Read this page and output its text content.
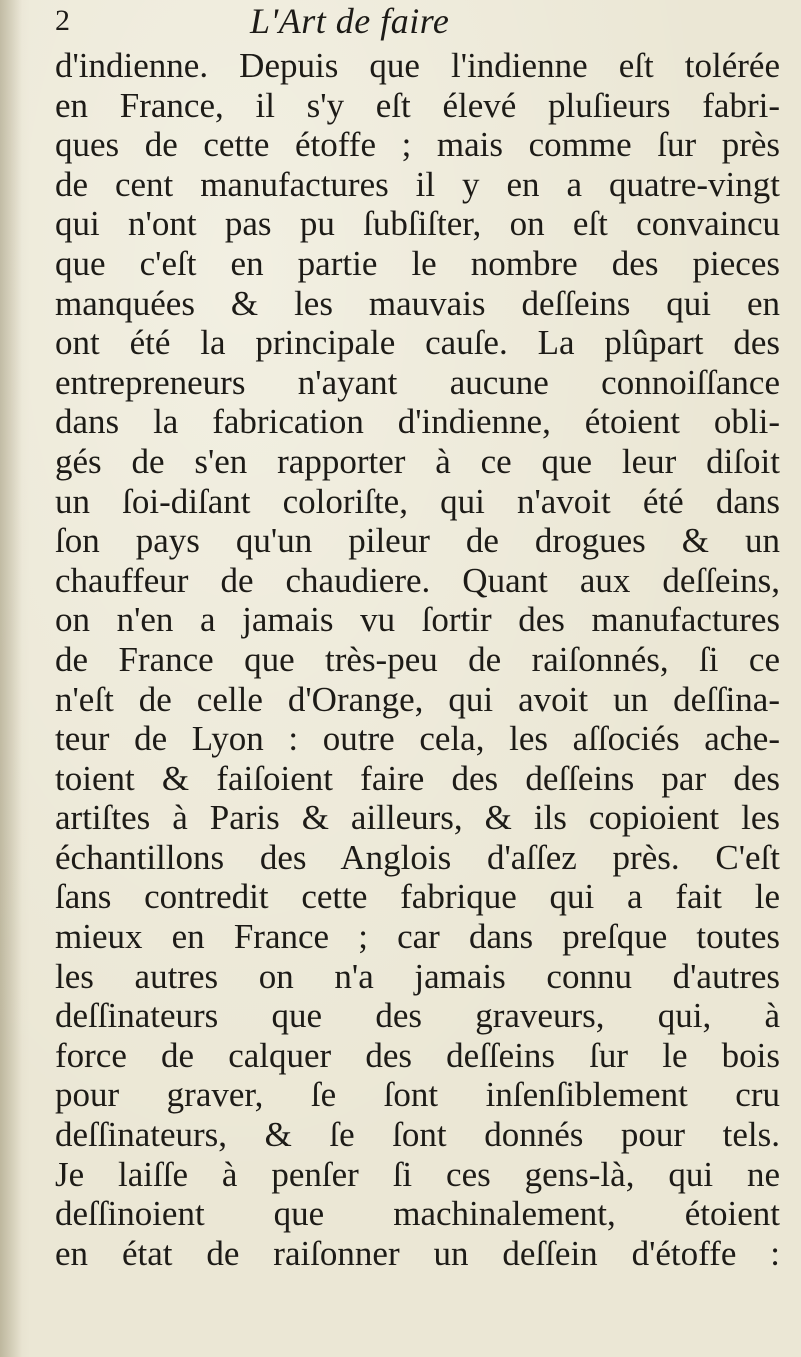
2	L'Art de faire
d'indienne. Depuis que l'indienne eſt tolérée
en France, il s'y eſt élevé pluſieurs fabri-
ques de cette étoffe ; mais comme ſur près
de cent manufactures il y en a quatre-vingt
qui n'ont pas pu ſubſiſter, on eſt convaincu
que c'eſt en partie le nombre des pieces
manquées & les mauvais deſſeins qui en
ont été la principale cauſe. La plûpart des
entrepreneurs n'ayant aucune connoiſſance
dans la fabrication d'indienne, étoient obli-
gés de s'en rapporter à ce que leur diſoit
un ſoi-diſant coloriſte, qui n'avoit été dans
ſon pays qu'un pileur de drogues & un
chauffeur de chaudiere. Quant aux deſſeins,
on n'en a jamais vu ſortir des manufactures
de France que très-peu de raiſonnés, ſi ce
n'eſt de celle d'Orange, qui avoit un deſſina-
teur de Lyon : outre cela, les aſſociés ache-
toient & faiſoient faire des deſſeins par des
artiſtes à Paris & ailleurs, & ils copioient les
échantillons des Anglois d'aſſez près. C'eſt
ſans contredit cette fabrique qui a fait le
mieux en France ; car dans preſque toutes
les autres on n'a jamais connu d'autres
deſſinateurs que des graveurs, qui, à
force de calquer des deſſeins ſur le bois
pour graver, ſe ſont inſenſiblement cru
deſſinateurs, & ſe ſont donnés pour tels.
Je laiſſe à penſer ſi ces gens-là, qui ne
deſſinoient que machinalement, étoient
en état de raiſonner un deſſein d'étoffe :
